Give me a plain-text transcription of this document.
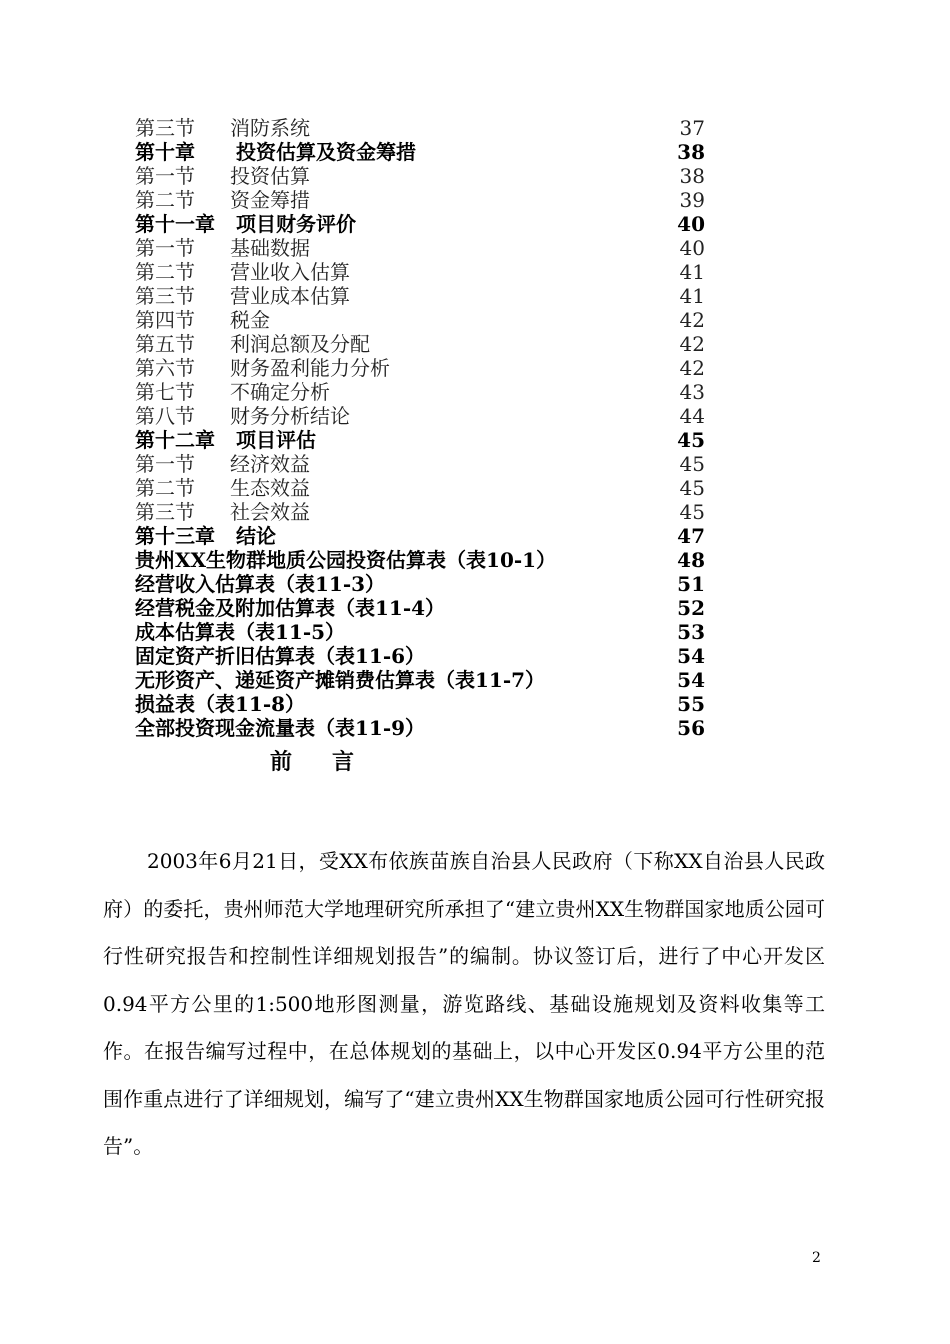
第三节	消防系统	37
第十章	投资估算及资金筹措	38
第一节	投资估算	38
第二节	资金筹措	39
第十一章	项目财务评价	40
第一节	基础数据	40
第二节	营业收入估算	41
第三节	营业成本估算	41
第四节	税金	42
第五节	利润总额及分配	42
第六节	财务盈利能力分析	42
第七节	不确定分析	43
第八节	财务分析结论	44
第十二章	项目评估	45
第一节	经济效益	45
第二节	生态效益	45
第三节	社会效益	45
第十三章	结论	47
贵州XX生物群地质公园投资估算表（表10-1）	48
经营收入估算表（表11-3）	51
经营税金及附加估算表（表11-4）	52
成本估算表（表11-5）	53
固定资产折旧估算表（表11-6）	54
无形资产、递延资产摊销费估算表（表11-7）	54
损益表（表11-8）	55
全部投资现金流量表（表11-9）	56
前言
2003年6月21日，受XX布依族苗族自治县人民政府（下称XX自治县人民政府）的委托，贵州师范大学地理研究所承担了“建立贵州XX生物群国家地质公园可行性研究报告和控制性详细规划报告”的编制。协议签订后，进行了中心开发区0.94平方公里的1:500地形图测量，游览路线、基础设施规划及资料收集等工作。在报告编写过程中，在总体规划的基础上，以中心开发区0.94平方公里的范围作重点进行了详细规划，编写了“建立贵州XX生物群国家地质公园可行性研究报告”。
2
